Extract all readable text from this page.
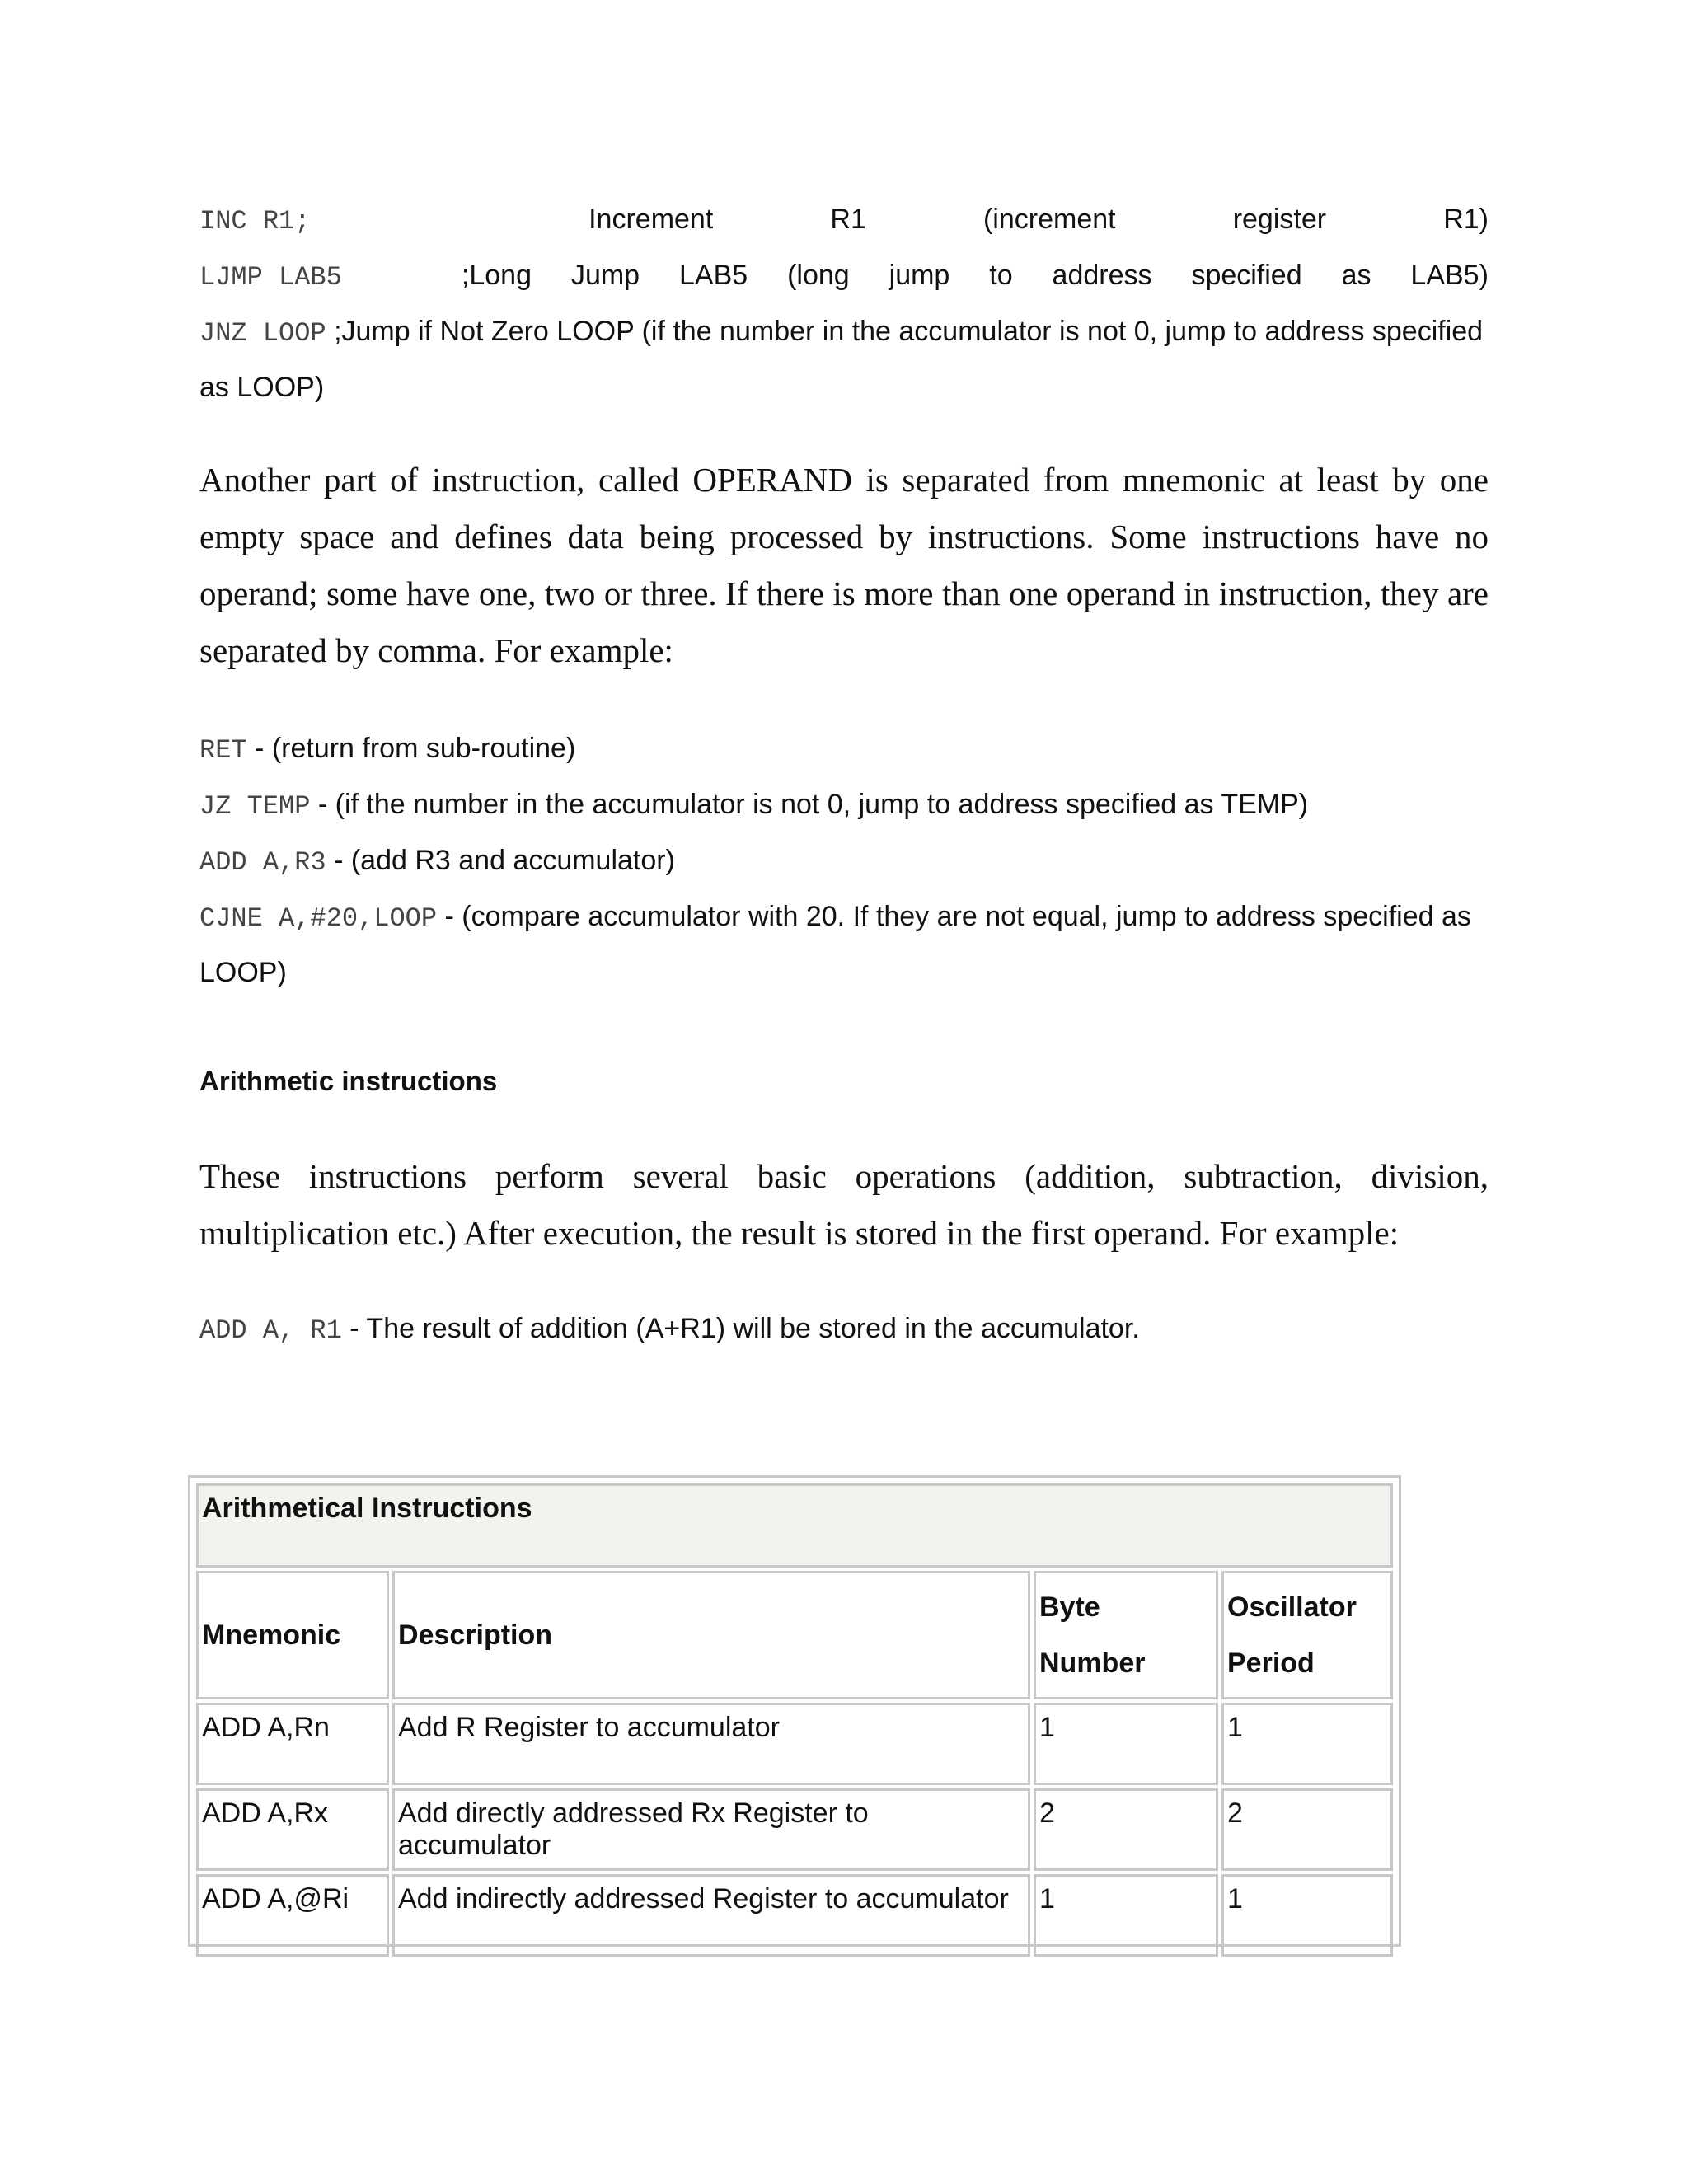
INC R1;	Increment	R1	(increment	register	R1)
LJMP LAB5	;Long Jump LAB5 (long jump to address specified as LAB5)
JNZ LOOP ;Jump if Not Zero LOOP (if the number in the accumulator is not 0, jump to address specified
as LOOP)
Another part of instruction, called OPERAND is separated from mnemonic at least by one empty space and defines data being processed by instructions. Some instructions have no operand; some have one, two or three. If there is more than one operand in instruction, they are separated by comma. For example:
RET - (return from sub-routine)
JZ TEMP - (if the number in the accumulator is not 0, jump to address specified as TEMP)
ADD A,R3 - (add R3 and accumulator)
CJNE A,#20,LOOP - (compare accumulator with 20. If they are not equal, jump to address specified as
LOOP)
Arithmetic instructions
These instructions perform several basic operations (addition, subtraction, division, multiplication etc.) After execution, the result is stored in the first operand. For example:
ADD A, R1 - The result of addition (A+R1) will be stored in the accumulator.
Arithmetical Instructions			
Mnemonic	Description	Byte Number	Oscillator
Period

ADD A,Rn	Add R Register to accumulator	1	1
ADD A,Rx	Add directly addressed Rx Register to accumulator	2	2
ADD A,@Ri	Add indirectly addressed Register to accumulator	1	1
